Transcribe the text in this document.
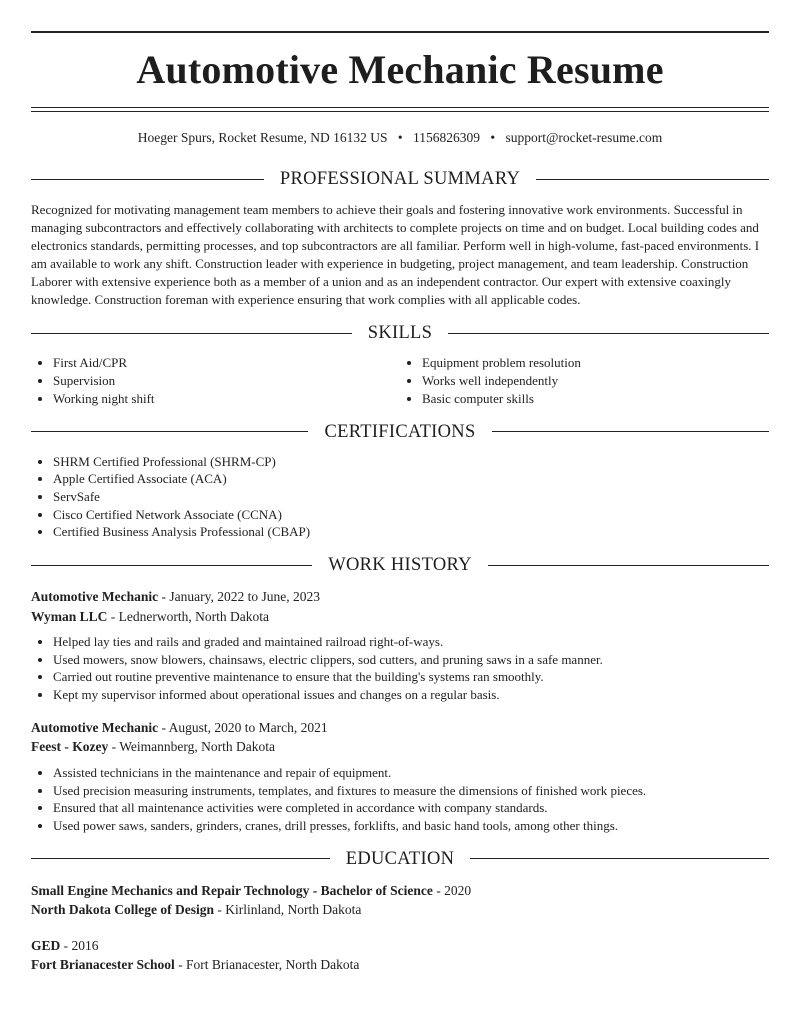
Automotive Mechanic Resume
Hoeger Spurs, Rocket Resume, ND 16132 US • 1156826309 • support@rocket-resume.com
PROFESSIONAL SUMMARY

Recognized for motivating management team members to achieve their goals and fostering innovative work environments. Successful in managing subcontractors and effectively collaborating with architects to complete projects on time and on budget. Local building codes and electronics standards, permitting processes, and top subcontractors are all familiar. Perform well in high-volume, fast-paced environments. I am available to work any shift. Construction leader with experience in budgeting, project management, and team leadership. Construction Laborer with extensive experience both as a member of a union and as an independent contractor. Our expert with extensive coaxingly knowledge. Construction foreman with experience ensuring that work complies with all applicable codes.

SKILLS
• First Aid/CPR
• Supervision
• Working night shift
• Equipment problem resolution
• Works well independently
• Basic computer skills
CERTIFICATIONS
• SHRM Certified Professional (SHRM-CP)
• Apple Certified Associate (ACA)
• ServSafe
• Cisco Certified Network Associate (CCNA)
• Certified Business Analysis Professional (CBAP)
WORK HISTORY
Automotive Mechanic - January, 2022 to June, 2023
Wyman LLC - Lednerworth, North Dakota
• Helped lay ties and rails and graded and maintained railroad right-of-ways.
• Used mowers, snow blowers, chainsaws, electric clippers, sod cutters, and pruning saws in a safe manner.
• Carried out routine preventive maintenance to ensure that the building's systems ran smoothly.
• Kept my supervisor informed about operational issues and changes on a regular basis.
Automotive Mechanic - August, 2020 to March, 2021
Feest - Kozey - Weimannberg, North Dakota
• Assisted technicians in the maintenance and repair of equipment.
• Used precision measuring instruments, templates, and fixtures to measure the dimensions of finished work pieces.
• Ensured that all maintenance activities were completed in accordance with company standards.
• Used power saws, sanders, grinders, cranes, drill presses, forklifts, and basic hand tools, among other things.
EDUCATION
Small Engine Mechanics and Repair Technology - Bachelor of Science - 2020
North Dakota College of Design - Kirlinland, North Dakota
GED - 2016
Fort Brianacester School - Fort Brianacester, North Dakota
